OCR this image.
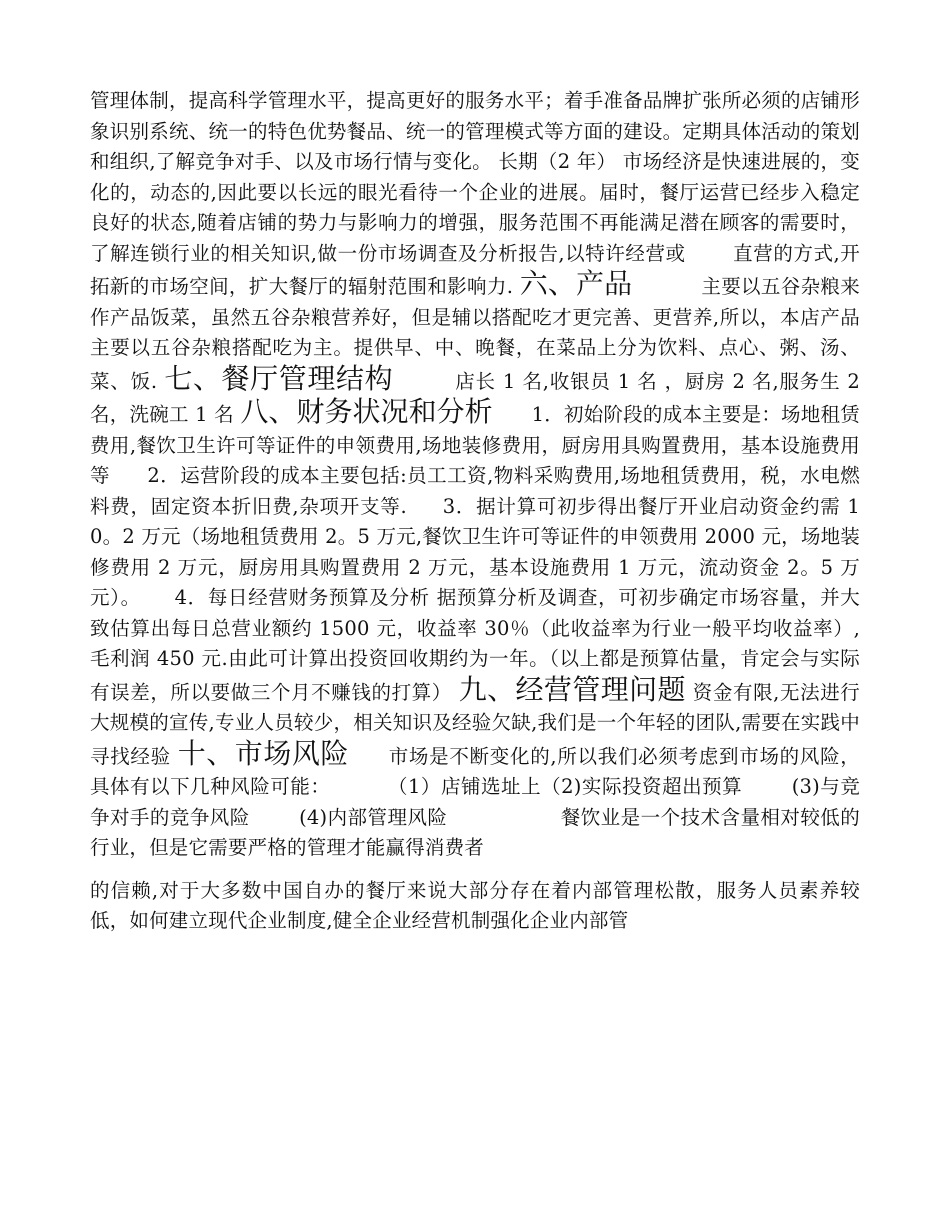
管理体制，提高科学管理水平，提高更好的服务水平；着手准备品牌扩张所必须的店铺形象识别系统、统一的特色优势餐品、统一的管理模式等方面的建设。定期具体活动的策划和组织,了解竞争对手、以及市场行情与变化。 长期（2 年） 市场经济是快速进展的，变化的，动态的,因此要以长远的眼光看待一个企业的进展。届时，餐厅运营已经步入稳定良好的状态,随着店铺的势力与影响力的增强，服务范围不再能满足潜在顾客的需要时，了解连锁行业的相关知识,做一份市场调查及分析报告,以特许经营或 直营的方式,开拓新的市场空间，扩大餐厅的辐射范围和影响力. 六、产品	主要以五谷杂粮来作产品饭菜，虽然五谷杂粮营养好，但是辅以搭配吃才更完善、更营养,所以，本店产品主要以五谷杂粮搭配吃为主。提供早、中、晚餐，在菜品上分为饮料、点心、粥、汤、菜、饭. 七、餐厅管理结构	店长 1 名,收银员 1 名 ，厨房 2 名,服务生 2 名，洗碗工 1 名 八、财务状况和分析 1．初始阶段的成本主要是：场地租赁费用,餐饮卫生许可等证件的申领费用,场地装修费用，厨房用具购置费用，基本设施费用等 2．运营阶段的成本主要包括:员工工资,物料采购费用,场地租赁费用，税，水电燃料费，固定资本折旧费,杂项开支等. 3．据计算可初步得出餐厅开业启动资金约需 10。2 万元（场地租赁费用 2。5 万元,餐饮卫生许可等证件的申领费用 2000 元，场地装修费用 2 万元，厨房用具购置费用 2 万元，基本设施费用 1 万元，流动资金 2。5 万元）。 4．每日经营财务预算及分析 据预算分析及调查，可初步确定市场容量，并大致估算出每日总营业额约 1500 元，收益率 30％（此收益率为行业一般平均收益率）,毛利润 450 元.由此可计算出投资回收期约为一年。（以上都是预算估量，肯定会与实际有误差，所以要做三个月不赚钱的打算） 九、经营管理问题 资金有限,无法进行大规模的宣传,专业人员较少，相关知识及经验欠缺,我们是一个年轻的团队,需要在实践中寻找经验 十、市场风险 市场是不断变化的,所以我们必须考虑到市场的风险，具体有以下几种风险可能：	（1）店铺选址上（2)实际投资超出预算	(3)与竞争对手的竞争风险	(4)内部管理风险	餐饮业是一个技术含量相对较低的行业，但是它需要严格的管理才能赢得消费者

的信赖,对于大多数中国自办的餐厅来说大部分存在着内部管理松散，服务人员素养较低，如何建立现代企业制度,健全企业经营机制强化企业内部管
